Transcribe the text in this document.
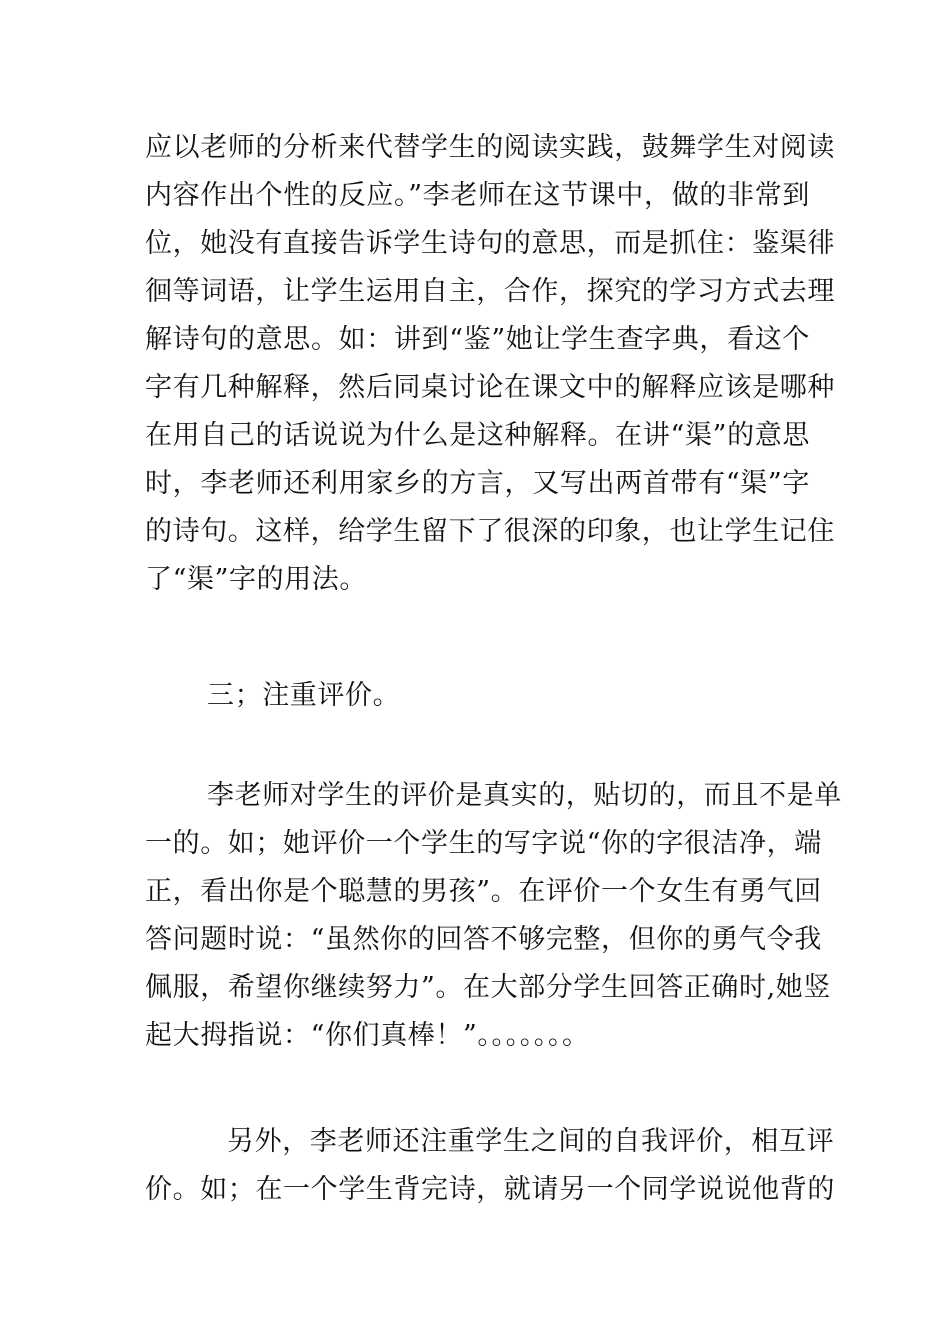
应以老师的分析来代替学生的阅读实践，鼓舞学生对阅读
内容作出个性的反应。”李老师在这节课中，做的非常到
位，她没有直接告诉学生诗句的意思，而是抓住：鉴渠徘
徊等词语，让学生运用自主，合作，探究的学习方式去理
解诗句的意思。如：讲到“鉴”她让学生查字典，看这个
字有几种解释，然后同桌讨论在课文中的解释应该是哪种
在用自己的话说说为什么是这种解释。在讲“渠”的意思
时，李老师还利用家乡的方言，又写出两首带有“渠”字
的诗句。这样，给学生留下了很深的印象，也让学生记住
了“渠”字的用法。
三；注重评价。
李老师对学生的评价是真实的，贴切的，而且不是单
一的。如；她评价一个学生的写字说“你的字很洁净，端
正，看出你是个聪慧的男孩”。在评价一个女生有勇气回
答问题时说：“虽然你的回答不够完整，但你的勇气令我
佩服，希望你继续努力”。在大部分学生回答正确时,她竖
起大拇指说：“你们真棒！”。。。。。。。
另外，李老师还注重学生之间的自我评价，相互评
价。如；在一个学生背完诗，就请另一个同学说说他背的
